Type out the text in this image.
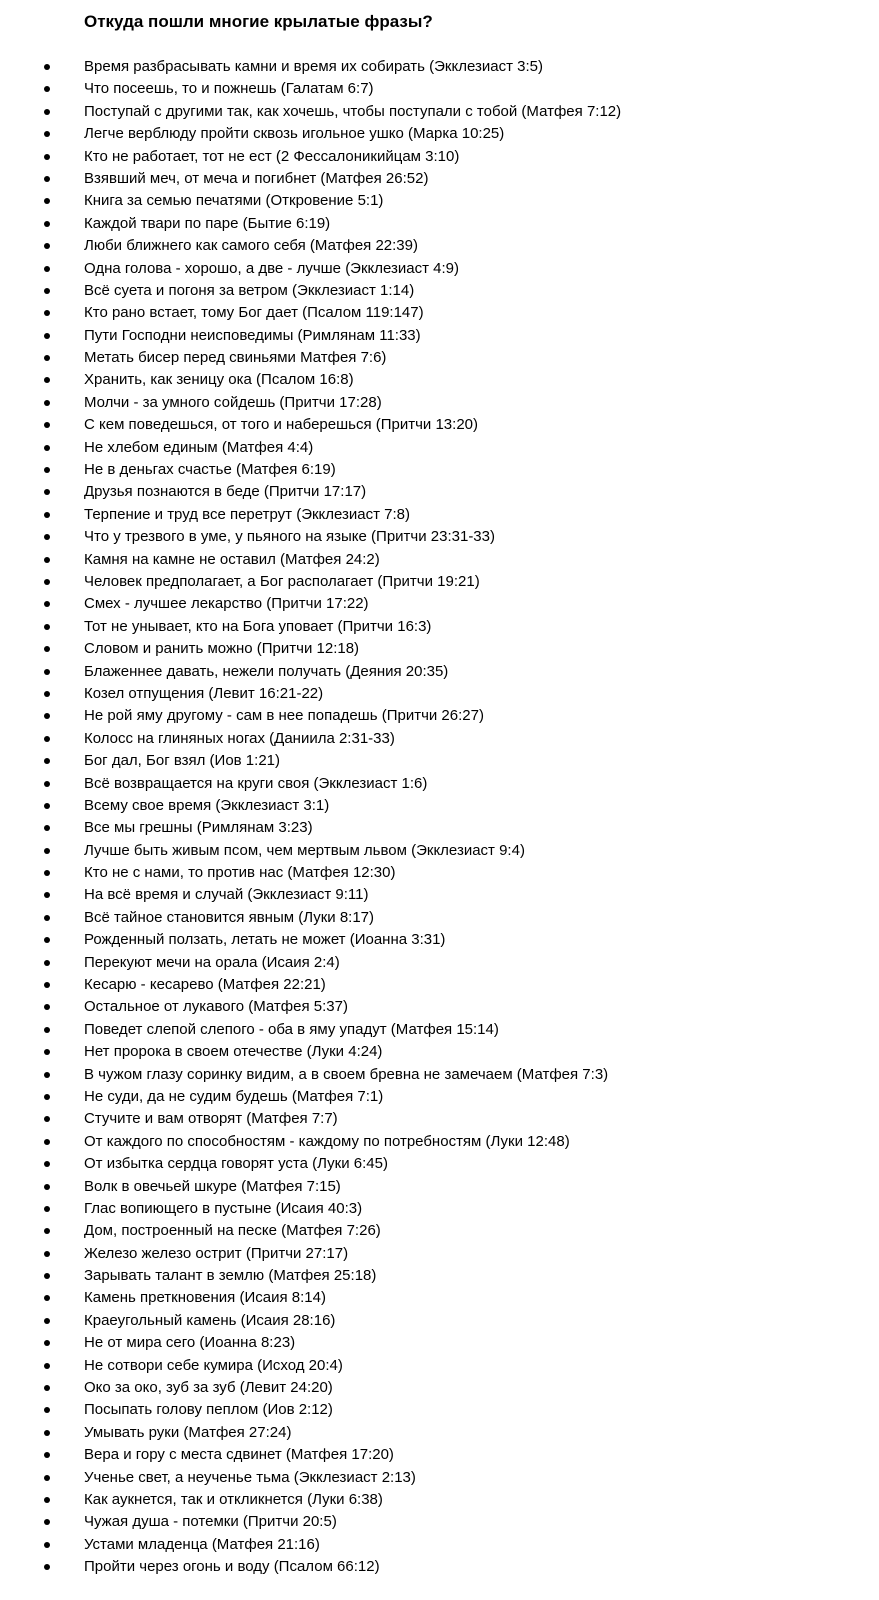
Откуда пошли многие крылатые фразы?
Время разбрасывать камни и время их собирать (Экклезиаст 3:5)
Что посеешь, то и пожнешь (Галатам 6:7)
Поступай с другими так, как хочешь, чтобы поступали с тобой (Матфея 7:12)
Легче верблюду пройти сквозь игольное ушко (Марка 10:25)
Кто не работает, тот не ест (2 Фессалоникийцам 3:10)
Взявший меч, от меча и погибнет (Матфея 26:52)
Книга за семью печатями (Откровение 5:1)
Каждой твари по паре (Бытие 6:19)
Люби ближнего как самого себя (Матфея 22:39)
Одна голова - хорошо, а две - лучше (Экклезиаст 4:9)
Всё суета и погоня за ветром (Экклезиаст 1:14)
Кто рано встает, тому Бог дает (Псалом 119:147)
Пути Господни неисповедимы (Римлянам 11:33)
Метать бисер перед свиньями Матфея 7:6)
Хранить, как зеницу ока (Псалом 16:8)
Молчи - за умного сойдешь (Притчи 17:28)
С кем поведешься, от того и наберешься (Притчи 13:20)
Не хлебом единым (Матфея 4:4)
Не в деньгах счастье (Матфея 6:19)
Друзья познаются в беде (Притчи 17:17)
Терпение и труд все перетрут (Экклезиаст 7:8)
Что у трезвого в уме, у пьяного на языке (Притчи 23:31-33)
Камня на камне не оставил (Матфея 24:2)
Человек предполагает, а Бог располагает (Притчи 19:21)
Смех - лучшее лекарство (Притчи 17:22)
Тот не унывает, кто на Бога уповает (Притчи 16:3)
Словом и ранить можно (Притчи 12:18)
Блаженнее давать, нежели получать (Деяния 20:35)
Козел отпущения (Левит 16:21-22)
Не рой яму другому - сам в нее попадешь (Притчи 26:27)
Колосс на глиняных ногах (Даниила 2:31-33)
Бог дал, Бог взял (Иов 1:21)
Всё возвращается на круги своя (Экклезиаст 1:6)
Всему свое время (Экклезиаст 3:1)
Все мы грешны (Римлянам 3:23)
Лучше быть живым псом, чем мертвым львом (Экклезиаст 9:4)
Кто не с нами, то против нас (Матфея 12:30)
На всё время и случай (Экклезиаст 9:11)
Всё тайное становится явным (Луки 8:17)
Рожденный ползать, летать не может (Иоанна 3:31)
Перекуют мечи на орала (Исаия 2:4)
Кесарю - кесарево (Матфея 22:21)
Остальное от лукавого (Матфея 5:37)
Поведет слепой слепого - оба в яму упадут (Матфея 15:14)
Нет пророка в своем отечестве (Луки 4:24)
В чужом глазу соринку видим, а в своем бревна не замечаем (Матфея 7:3)
Не суди, да не судим будешь (Матфея 7:1)
Стучите и вам отворят (Матфея 7:7)
От каждого по способностям - каждому по потребностям (Луки 12:48)
От избытка сердца говорят уста (Луки 6:45)
Волк в овечьей шкуре (Матфея 7:15)
Глас вопиющего в пустыне (Исаия 40:3)
Дом, построенный на песке (Матфея 7:26)
Железо железо острит (Притчи 27:17)
Зарывать талант в землю (Матфея 25:18)
Камень преткновения (Исаия 8:14)
Краеугольный камень (Исаия 28:16)
Не от мира сего (Иоанна 8:23)
Не сотвори себе кумира (Исход 20:4)
Око за око, зуб за зуб (Левит 24:20)
Посыпать голову пеплом (Иов 2:12)
Умывать руки (Матфея 27:24)
Вера и гору с места сдвинет (Матфея 17:20)
Ученье свет, а неученье тьма (Экклезиаст 2:13)
Как аукнется, так и откликнется (Луки 6:38)
Чужая душа - потемки (Притчи 20:5)
Устами младенца (Матфея 21:16)
Пройти через огонь и воду (Псалом 66:12)
